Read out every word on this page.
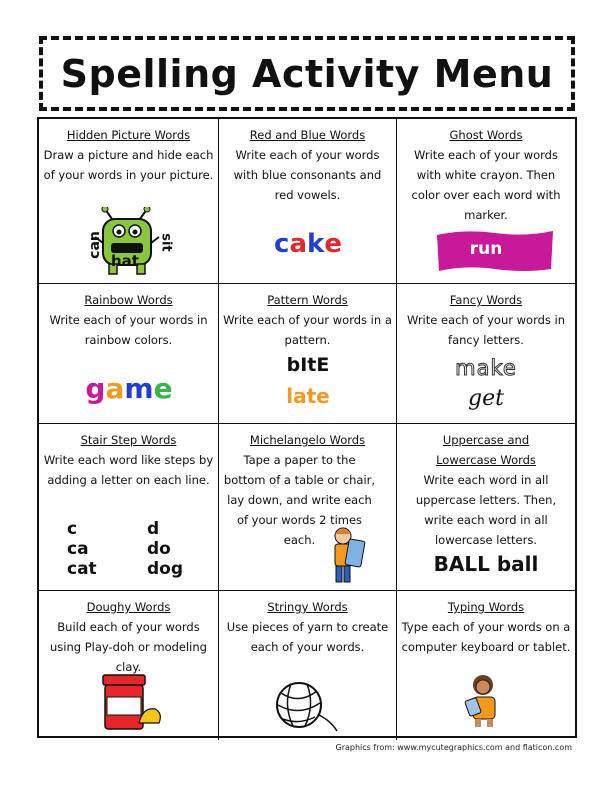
Spelling Activity Menu
Hidden Picture Words

Draw a picture and hide each of your words in your picture.

can
hat
sit
Red and Blue Words

Write each of your words with blue consonants and red vowels.

cake
Ghost Words

Write each of your words with white crayon. Then color over each word with marker.

run
Rainbow Words

Write each of your words in rainbow colors.

game
Pattern Words

Write each of your words in a pattern.

bItE
late
Fancy Words

Write each of your words in fancy letters.

make
get
Stair Step Words

Write each word like steps by adding a letter on each line.

c
ca
cat
d
do
dog
Michelangelo Words

Tape a paper to the bottom of a table or chair, lay down, and write each of your words 2 times each.

Uppercase and
Lowercase Words

Write each word in all uppercase letters. Then, write each word in all lowercase letters.

BALL ball
Doughy Words

Build each of your words using Play-doh or modeling clay.

Stringy Words

Use pieces of yarn to create each of your words.

Typing Words

Type each of your words on a computer keyboard or tablet.

Graphics from: www.mycutegraphics.com and flaticon.com
